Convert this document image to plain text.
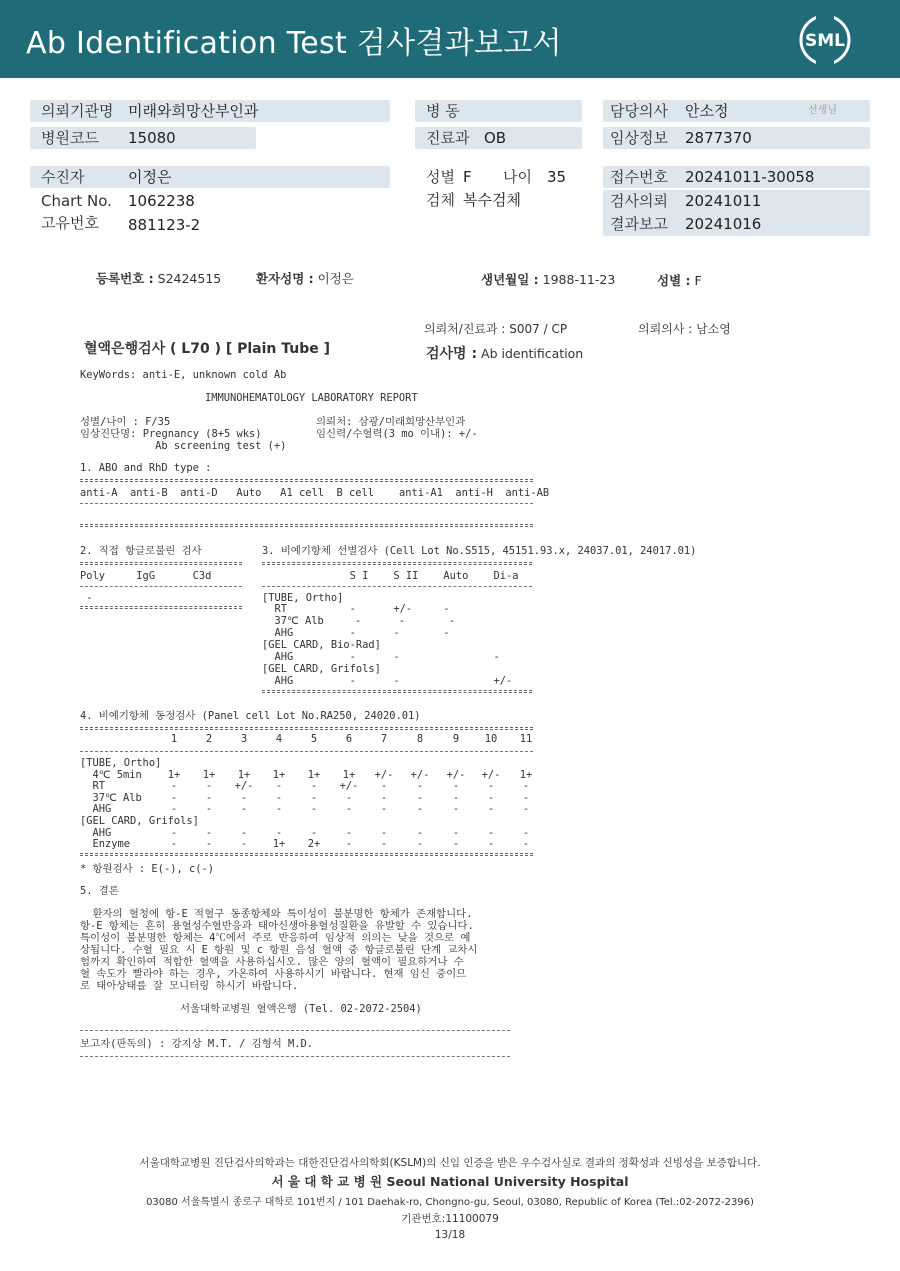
Ab Identification Test 검사결과보고서	SML
의뢰기관명 미래와희망산부인과
병원코드 15080
병 동
진료과 OB
담당의사 안소정	선생님
임상정보 2877370
수진자	이정은
Chart No. 1062238
고유번호 881123-2
성별 F 나이 35
검체 복수검체
접수번호 20241011-30058
검사의뢰 20241011
결과보고 20241016
등록번호 : S2424515	환자성명 : 이정은	생년월일 : 1988-11-23	성별 : F
의뢰처/진료과 : S007 / CP	의뢰의사 : 남소영
혈액은행검사 ( L70 ) [ Plain Tube ]	검사명 : Ab identification
KeyWords: anti-E, unknown cold Ab
IMMUNOHEMATOLOGY LABORATORY REPORT
성별/나이 : F/35
임상진단명: Pregnancy (8+5 wks)
Ab screening test (+)
의뢰처: 삼광/미래희망산부인과
임신력/수혈력(3 mo 이내): +/-
1. ABO and RhD type :
anti-A  anti-B  anti-D   Auto   A1 cell  B cell    anti-A1  anti-H  anti-AB
2. 직접 항글로불린 검사
Poly     IgG      C3d
-
3. 비예기항체 선별검사 (Cell Lot No.S515, 45151.93.x, 24037.01, 24017.01)
S I    S II    Auto    Di-a
[TUBE, Ortho]
RT          -      +/-     -
37℃ Alb     -      -       -
AHG         -      -       -
[GEL CARD, Bio-Rad]
AHG         -      -               -
[GEL CARD, Grifols]
AHG         -      -               +/-
4. 비예기항체 동정검사 (Panel cell Lot No.RA250, 24020.01)
1	2	3	4	5	6	7	8	9 10 11
[TUBE, Ortho]
4℃ 5min	1+ 1+ 1+ 1+ 1+ 1+ +/- +/- +/- +/- 1+
RT	-	- +/- -	- +/- -	-	-	-	-
37℃ Alb	-	-	-	-	-	-	-	-	-	-	-
AHG	-	-	-	-	-	-	-	-	-	-	-
[GEL CARD, Grifols]
AHG	-	-	-	-	-	-	-	-	-	-	-
Enzyme	-	-	- 1+ 2+ -	-	-	-	-	-
* 항원검사 : E(-), c(-)
5. 결론
환자의 혈청에 항-E 적혈구 동종항체와 특이성이 불분명한 항체가 존재합니다.
항-E 항체는 흔히 용혈성수혈반응과 태아신생아용혈성질환을 유발할 수 있습니다.
특이성이 불분명한 항체는 4℃에서 주로 반응하여 임상적 의의는 낮을 것으로 예
상됩니다. 수혈 필요 시 E 항원 및 c 항원 음성 혈액 중 항글로불린 단계 교차시
험까지 확인하여 적합한 혈액을 사용하십시오. 많은 양의 혈액이 필요하거나 수
혈 속도가 빨라야 하는 경우, 가온하여 사용하시기 바랍니다. 현재 임신 중이므
로 태아상태를 잘 모니터링 하시기 바랍니다.
서울대학교병원 혈액은행 (Tel. 02-2072-2504)
보고자(판독의) : 강지상 M.T. / 김형석 M.D.
서울대학교병원 진단검사의학과는 대한진단검사의학회(KSLM)의 신임 인증을 받은 우수검사실로 결과의 정확성과 신빙성을 보증합니다.
서 울 대 학 교 병 원 Seoul National University Hospital
03080 서울특별시 종로구 대학로 101번지 / 101 Daehak-ro, Chongno-gu, Seoul, 03080, Republic of Korea (Tel.:02-2072-2396)
기관번호:11100079
13/18
